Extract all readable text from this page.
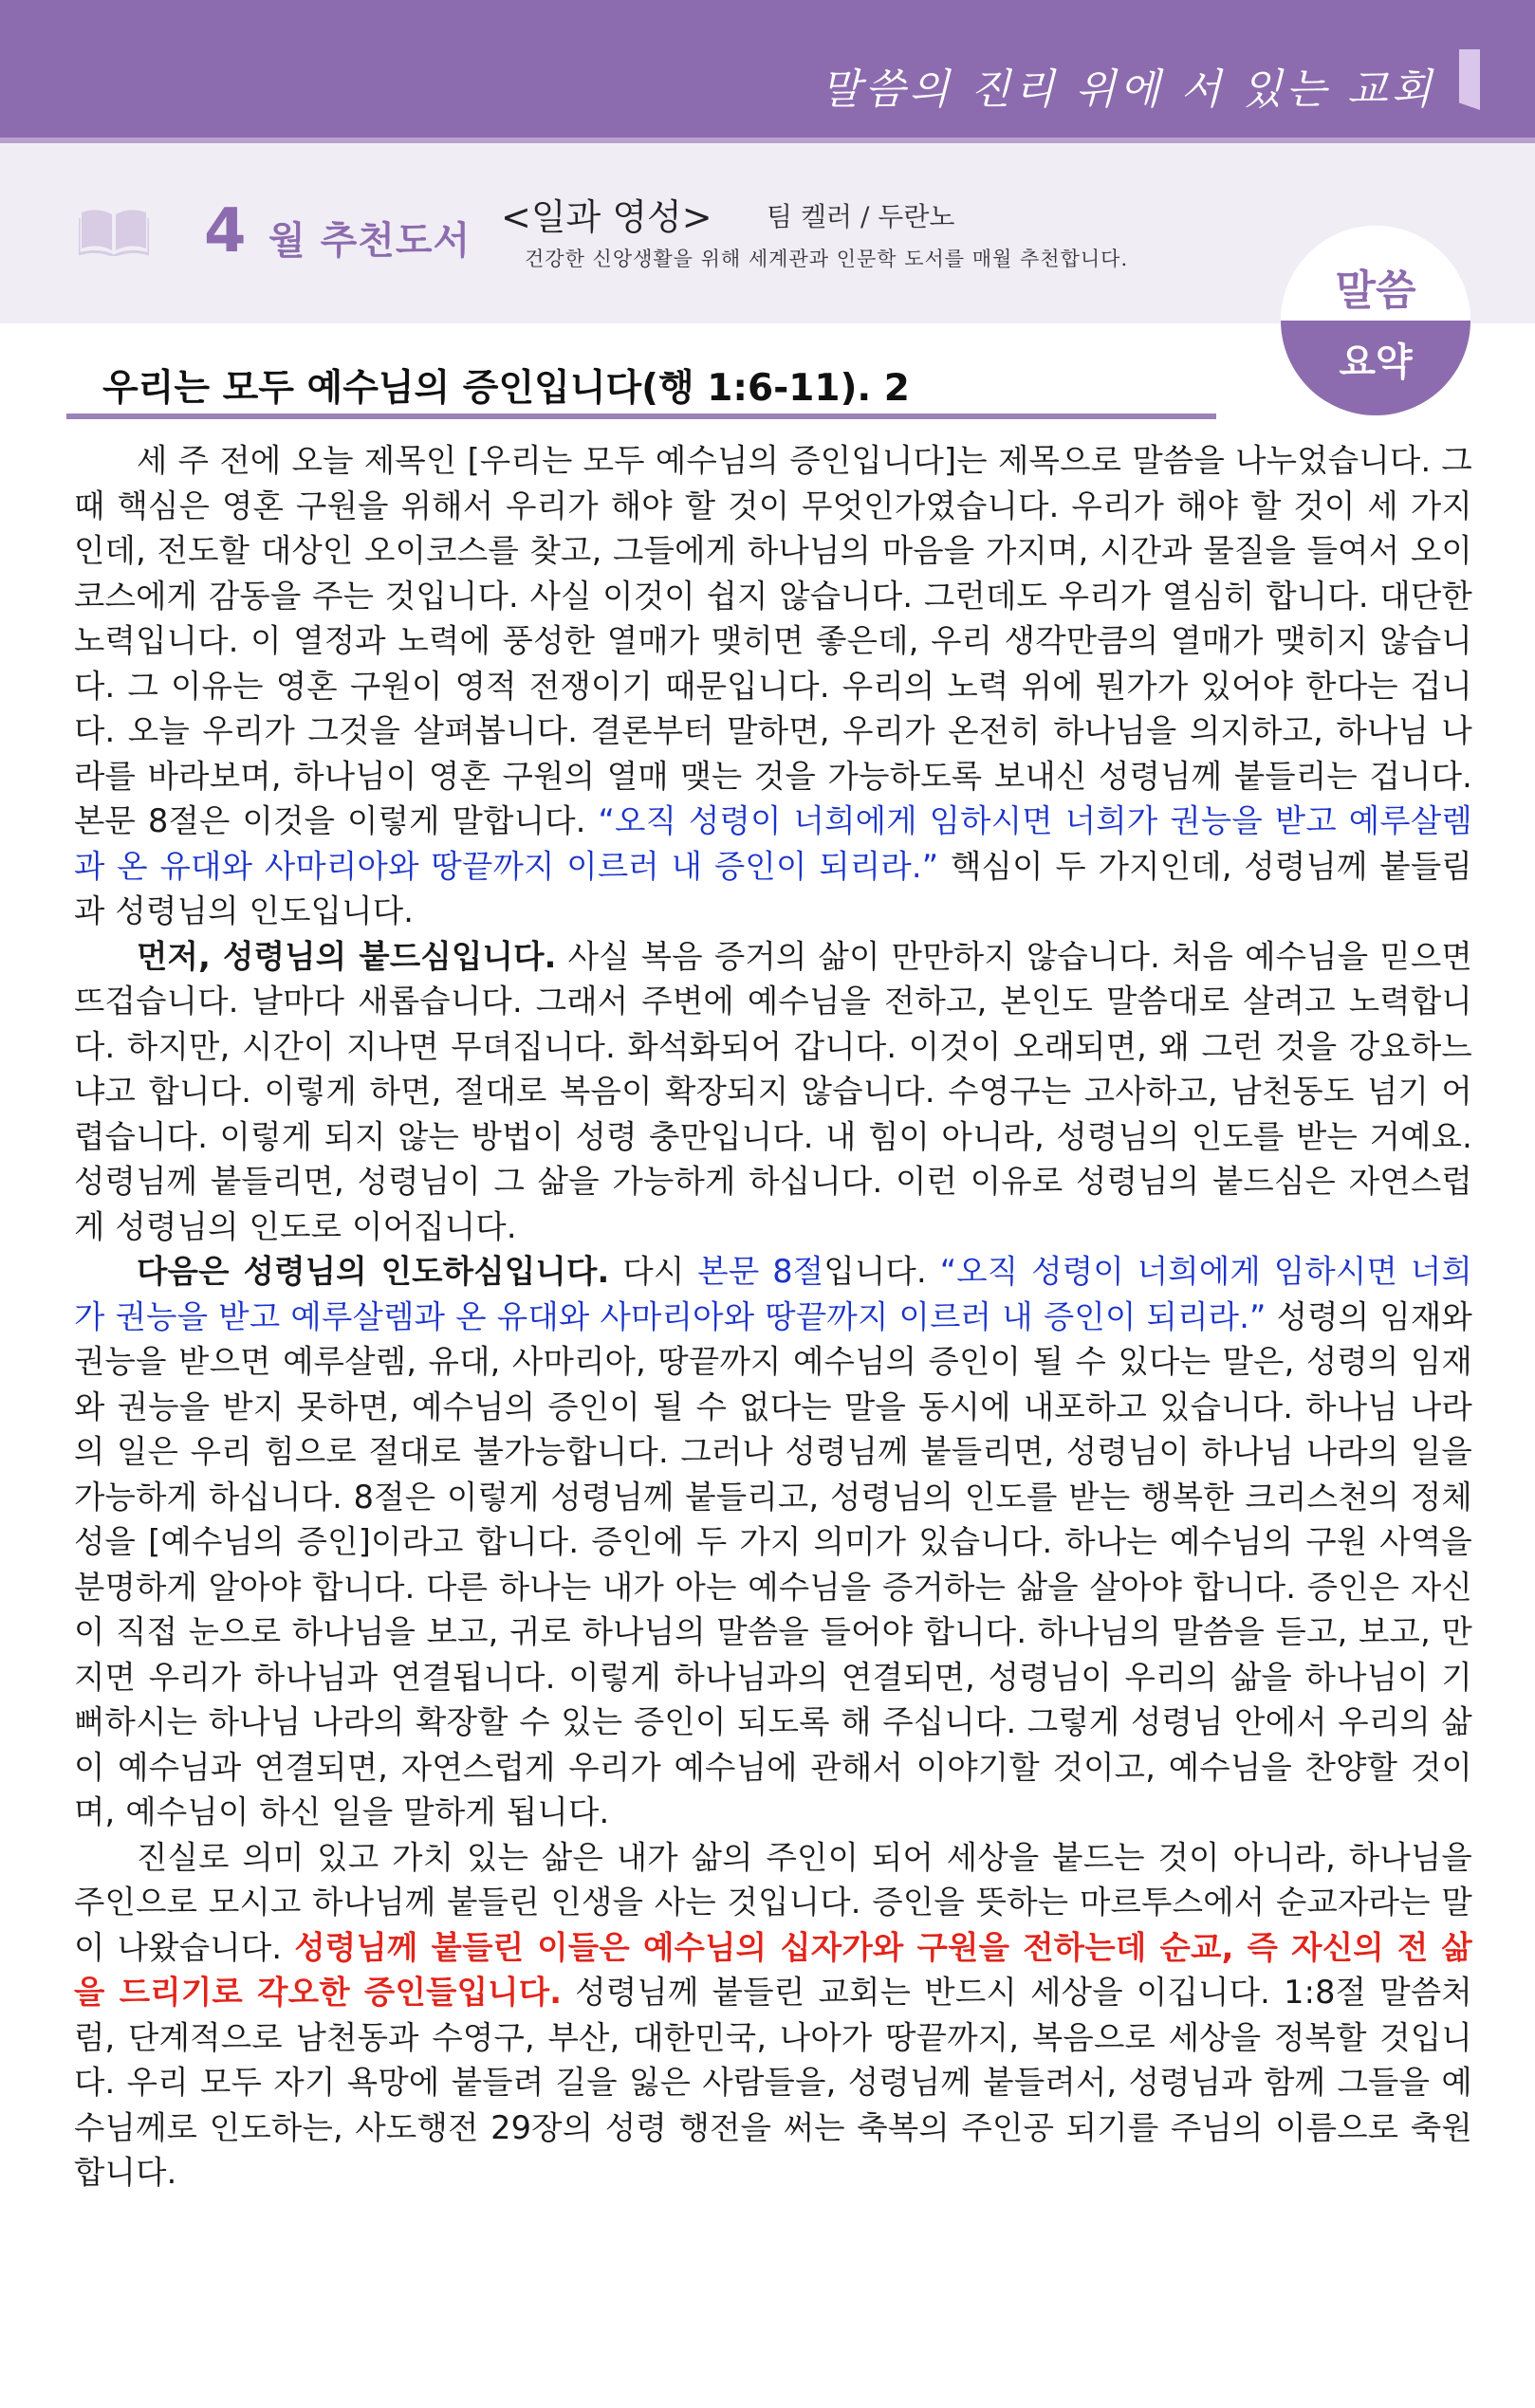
말씀의 진리 위에 서 있는 교회
4 월 추천도서
<일과 영성> 팀 켈러 / 두란노
건강한 신앙생활을 위해 세계관과 인문학 도서를 매월 추천합니다.
말씀
요약
우리는 모두 예수님의 증인입니다(행 1:6-11). 2

세 주 전에 오늘 제목인 [우리는 모두 예수님의 증인입니다]는 제목으로 말씀을 나누었습니다. 그때 핵심은 영혼 구원을 위해서 우리가 해야 할 것이 무엇인가였습니다. 우리가 해야 할 것이 세 가지인데, 전도할 대상인 오이코스를 찾고, 그들에게 하나님의 마음을 가지며, 시간과 물질을 들여서 오이코스에게 감동을 주는 것입니다. 사실 이것이 쉽지 않습니다. 그런데도 우리가 열심히 합니다. 대단한 노력입니다. 이 열정과 노력에 풍성한 열매가 맺히면 좋은데, 우리 생각만큼의 열매가 맺히지 않습니다. 그 이유는 영혼 구원이 영적 전쟁이기 때문입니다. 우리의 노력 위에 뭔가가 있어야 한다는 겁니다. 오늘 우리가 그것을 살펴봅니다. 결론부터 말하면, 우리가 온전히 하나님을 의지하고, 하나님 나라를 바라보며, 하나님이 영혼 구원의 열매 맺는 것을 가능하도록 보내신 성령님께 붙들리는 겁니다. 본문 8절은 이것을 이렇게 말합니다. “오직 성령이 너희에게 임하시면 너희가 권능을 받고 예루살렘과 온 유대와 사마리아와 땅끝까지 이르러 내 증인이 되리라.” 핵심이 두 가지인데, 성령님께 붙들림과 성령님의 인도입니다.

먼저, 성령님의 붙드심입니다. 사실 복음 증거의 삶이 만만하지 않습니다. 처음 예수님을 믿으면 뜨겁습니다. 날마다 새롭습니다. 그래서 주변에 예수님을 전하고, 본인도 말씀대로 살려고 노력합니다. 하지만, 시간이 지나면 무뎌집니다. 화석화되어 갑니다. 이것이 오래되면, 왜 그런 것을 강요하느냐고 합니다. 이렇게 하면, 절대로 복음이 확장되지 않습니다. 수영구는 고사하고, 남천동도 넘기 어렵습니다. 이렇게 되지 않는 방법이 성령 충만입니다. 내 힘이 아니라, 성령님의 인도를 받는 거예요. 성령님께 붙들리면, 성령님이 그 삶을 가능하게 하십니다. 이런 이유로 성령님의 붙드심은 자연스럽게 성령님의 인도로 이어집니다.

다음은 성령님의 인도하심입니다. 다시 본문 8절입니다. “오직 성령이 너희에게 임하시면 너희가 권능을 받고 예루살렘과 온 유대와 사마리아와 땅끝까지 이르러 내 증인이 되리라.” 성령의 임재와 권능을 받으면 예루살렘, 유대, 사마리아, 땅끝까지 예수님의 증인이 될 수 있다는 말은, 성령의 임재와 권능을 받지 못하면, 예수님의 증인이 될 수 없다는 말을 동시에 내포하고 있습니다. 하나님 나라의 일은 우리 힘으로 절대로 불가능합니다. 그러나 성령님께 붙들리면, 성령님이 하나님 나라의 일을 가능하게 하십니다. 8절은 이렇게 성령님께 붙들리고, 성령님의 인도를 받는 행복한 크리스천의 정체성을 [예수님의 증인]이라고 합니다. 증인에 두 가지 의미가 있습니다. 하나는 예수님의 구원 사역을 분명하게 알아야 합니다. 다른 하나는 내가 아는 예수님을 증거하는 삶을 살아야 합니다. 증인은 자신이 직접 눈으로 하나님을 보고, 귀로 하나님의 말씀을 들어야 합니다. 하나님의 말씀을 듣고, 보고, 만지면 우리가 하나님과 연결됩니다. 이렇게 하나님과의 연결되면, 성령님이 우리의 삶을 하나님이 기뻐하시는 하나님 나라의 확장할 수 있는 증인이 되도록 해 주십니다. 그렇게 성령님 안에서 우리의 삶이 예수님과 연결되면, 자연스럽게 우리가 예수님에 관해서 이야기할 것이고, 예수님을 찬양할 것이며, 예수님이 하신 일을 말하게 됩니다.

진실로 의미 있고 가치 있는 삶은 내가 삶의 주인이 되어 세상을 붙드는 것이 아니라, 하나님을 주인으로 모시고 하나님께 붙들린 인생을 사는 것입니다. 증인을 뜻하는 마르투스에서 순교자라는 말이 나왔습니다. 성령님께 붙들린 이들은 예수님의 십자가와 구원을 전하는데 순교, 즉 자신의 전 삶을 드리기로 각오한 증인들입니다. 성령님께 붙들린 교회는 반드시 세상을 이깁니다. 1:8절 말씀처럼, 단계적으로 남천동과 수영구, 부산, 대한민국, 나아가 땅끝까지, 복음으로 세상을 정복할 것입니다. 우리 모두 자기 욕망에 붙들려 길을 잃은 사람들을, 성령님께 붙들려서, 성령님과 함께 그들을 예수님께로 인도하는, 사도행전 29장의 성령 행전을 써는 축복의 주인공 되기를 주님의 이름으로 축원합니다.
